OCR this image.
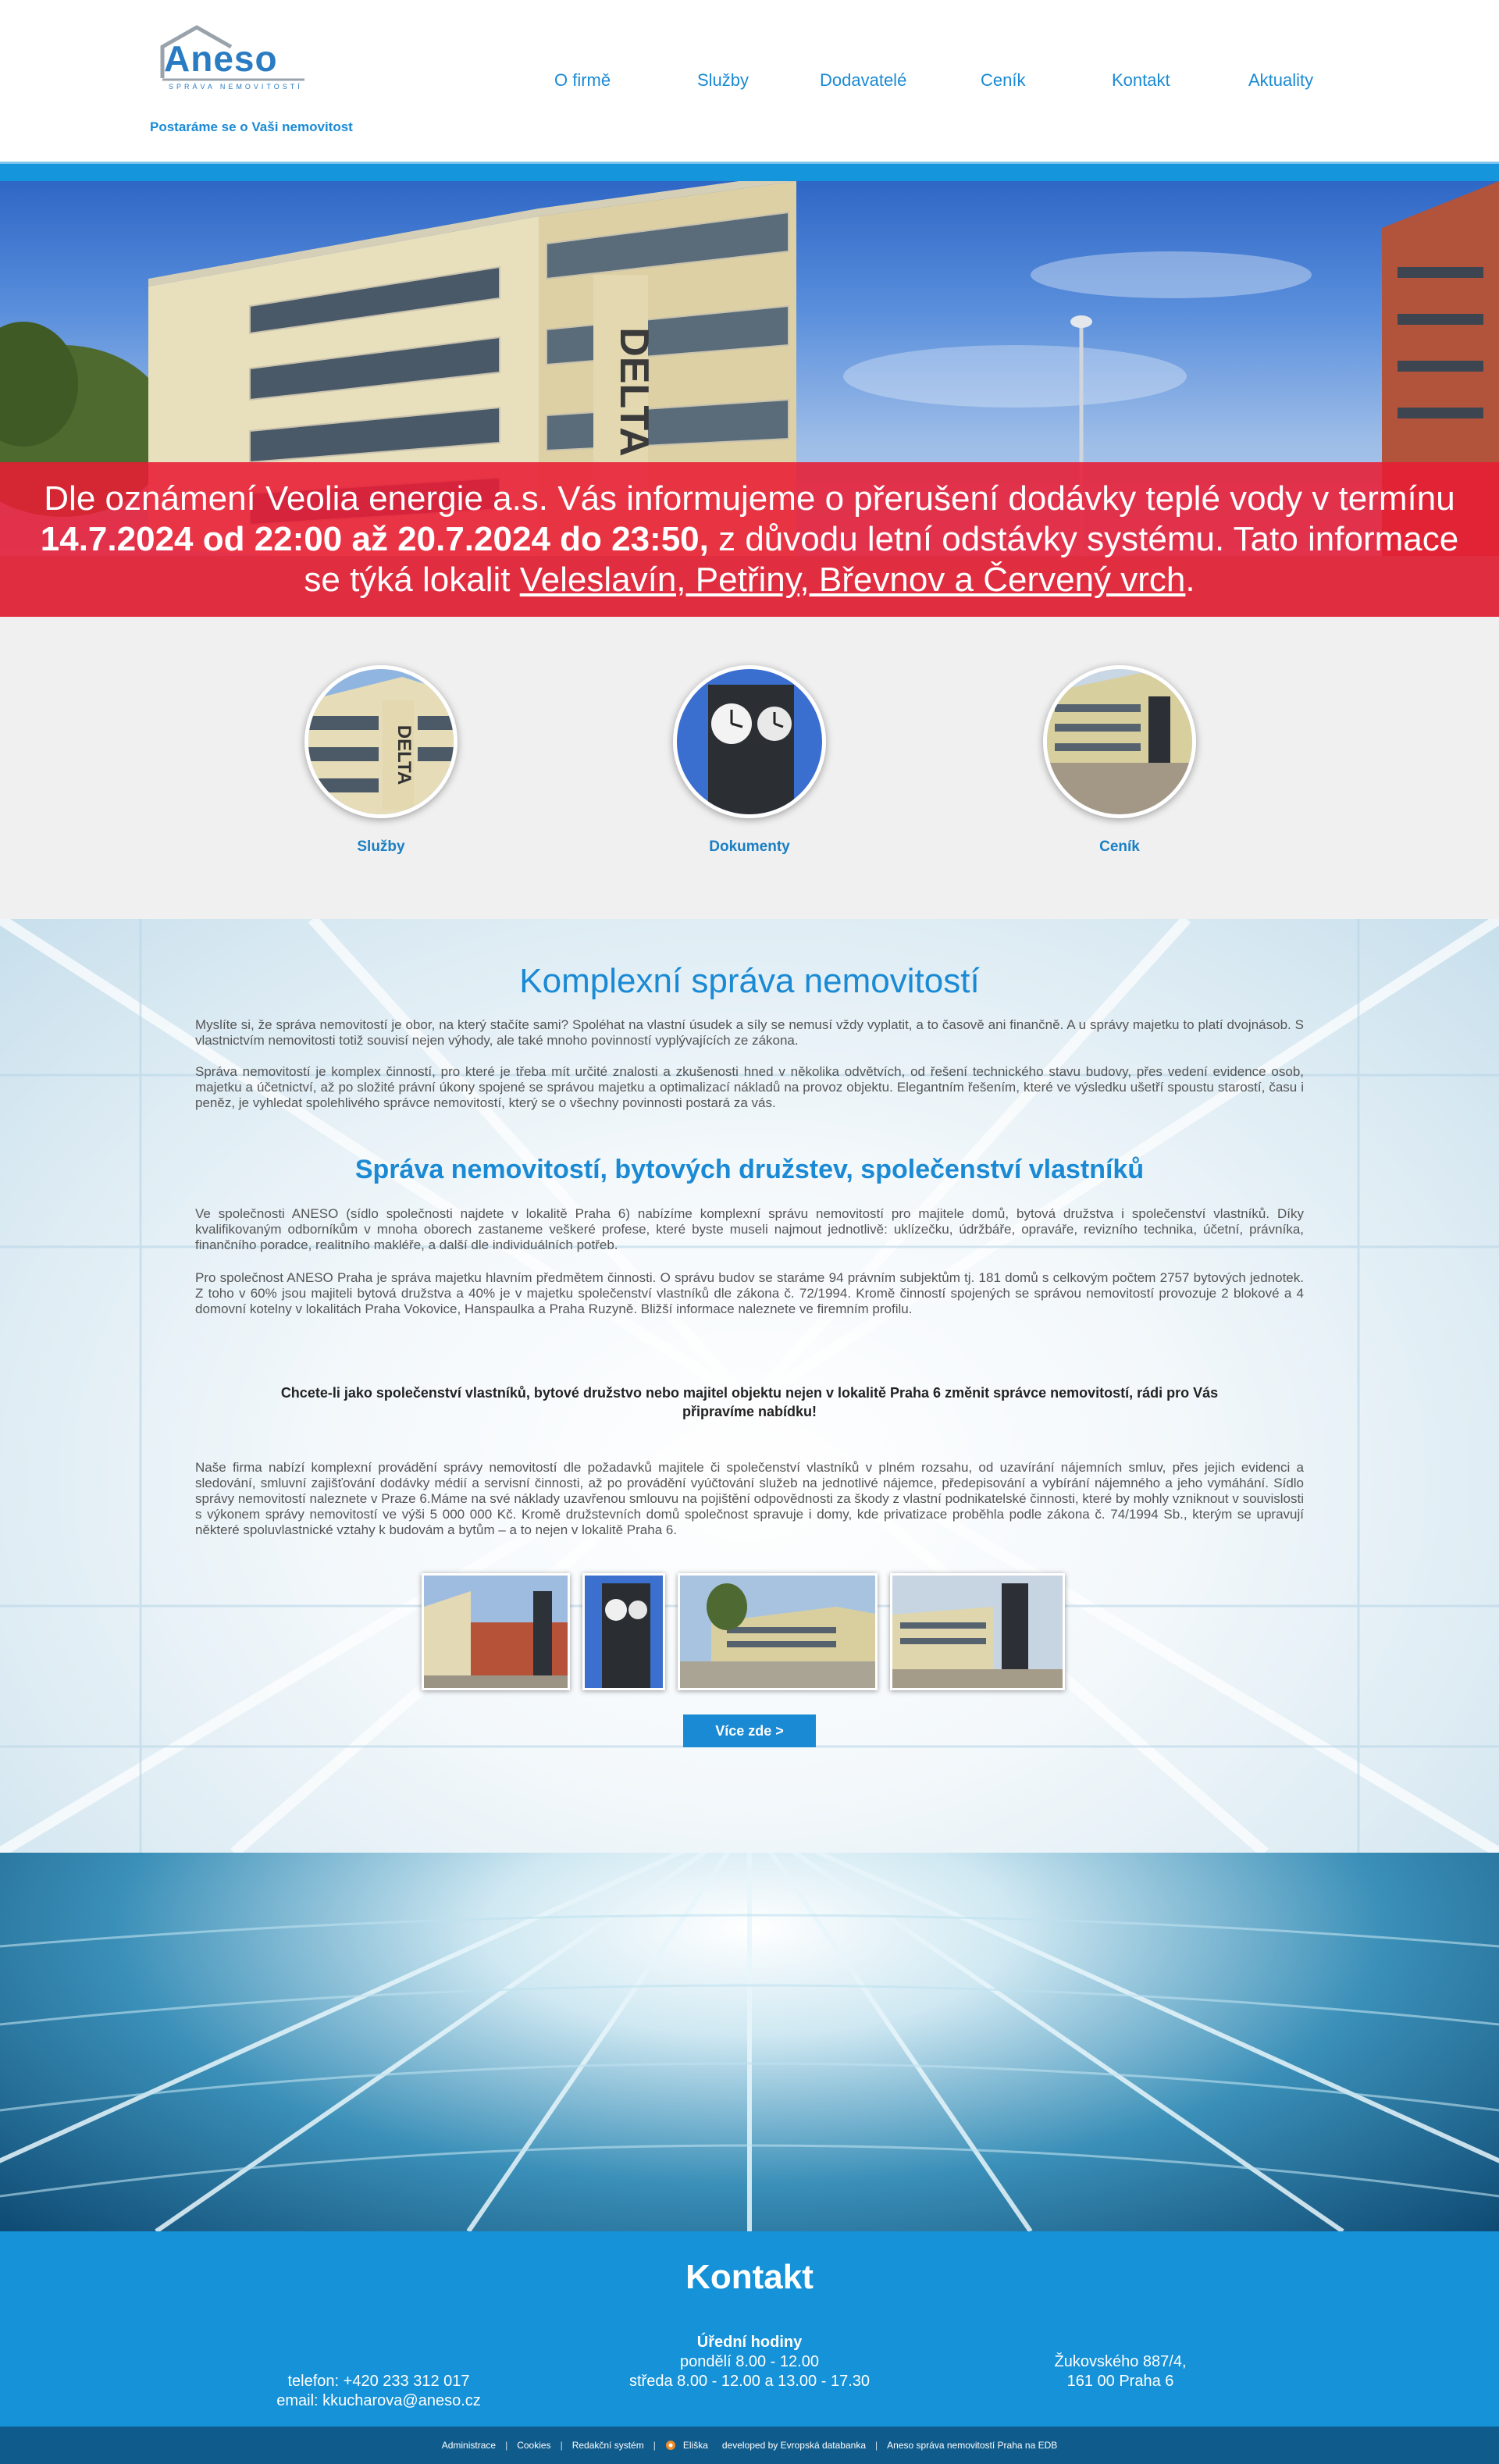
Aneso
SPRÁVA NEMOVITOSTÍ
Postaráme se o Vaši nemovitost
O firmě	Služby	Dodavatelé	Ceník	Kontakt	Aktuality
DELTA

Dle oznámení Veolia energie a.s. Vás informujeme o přerušení dodávky teplé vody v termínu 14.7.2024 od 22:00 až 20.7.2024 do 23:50, z důvodu letní odstávky systému. Tato informace se týká lokalit Veleslavín, Petřiny, Břevnov a Červený vrch.

DELTA
Služby	Dokumenty	Ceník
Komplexní správa nemovitostí

Myslíte si, že správa nemovitostí je obor, na který stačíte sami? Spoléhat na vlastní úsudek a síly se nemusí vždy vyplatit, a to časově ani finančně. A u správy majetku to platí dvojnásob. S vlastnictvím nemovitosti totiž souvisí nejen výhody, ale také mnoho povinností vyplývajících ze zákona.

Správa nemovitostí je komplex činností, pro které je třeba mít určité znalosti a zkušenosti hned v několika odvětvích, od řešení technického stavu budovy, přes vedení evidence osob, majetku a účetnictví, až po složité právní úkony spojené se správou majetku a optimalizací nákladů na provoz objektu. Elegantním řešením, které ve výsledku ušetří spoustu starostí, času i peněz, je vyhledat spolehlivého správce nemovitostí, který se o všechny povinnosti postará za vás.

Správa nemovitostí, bytových družstev, společenství vlastníků

Ve společnosti ANESO (sídlo společnosti najdete v lokalitě Praha 6) nabízíme komplexní správu nemovitostí pro majitele domů, bytová družstva i společenství vlastníků. Díky kvalifikovaným odborníkům v mnoha oborech zastaneme veškeré profese, které byste museli najmout jednotlivě: uklízečku, údržbáře, opraváře, revizního technika, účetní, právníka, finančního poradce, realitního makléře, a další dle individuálních potřeb.

Pro společnost ANESO Praha je správa majetku hlavním předmětem činnosti. O správu budov se staráme 94 právním subjektům tj. 181 domů s celkovým počtem 2757 bytových jednotek. Z toho v 60% jsou majiteli bytová družstva a 40% je v majetku společenství vlastníků dle zákona č. 72/1994. Kromě činností spojených se správou nemovitostí provozuje 2 blokové a 4 domovní kotelny v lokalitách Praha Vokovice, Hanspaulka a Praha Ruzyně. Bližší informace naleznete ve firemním profilu.

Chcete-li jako společenství vlastníků, bytové družstvo nebo majitel objektu nejen v lokalitě Praha 6 změnit správce nemovitostí, rádi pro Vás připravíme nabídku!

Naše firma nabízí komplexní provádění správy nemovitostí dle požadavků majitele či společenství vlastníků v plném rozsahu, od uzavírání nájemních smluv, přes jejich evidenci a sledování, smluvní zajišťování dodávky médií a servisní činnosti, až po provádění vyúčtování služeb na jednotlivé nájemce, předepisování a vybírání nájemného a jeho vymáhání. Sídlo správy nemovitostí naleznete v Praze 6.Máme na své náklady uzavřenou smlouvu na pojištění odpovědnosti za škody z vlastní podnikatelské činnosti, které by mohly vzniknout v souvislosti s výkonem správy nemovitostí ve výši 5 000 000 Kč. Kromě družstevních domů společnost spravuje i domy, kde privatizace proběhla podle zákona č. 74/1994 Sb., kterým se upravují některé spoluvlastnické vztahy k budovám a bytům – a to nejen v lokalitě Praha 6.

Více zde >
Kontakt
telefon: +420 233 312 017
email: kkucharova@aneso.cz
Úřední hodiny
pondělí 8.00 - 12.00
středa 8.00 - 12.00 a 13.00 - 17.30
Žukovského 887/4,
161 00 Praha 6
Administrace | Cookies | Redakční systém |	Eliška	developed by Evropská databanka | Aneso správa nemovitostí Praha na EDB
